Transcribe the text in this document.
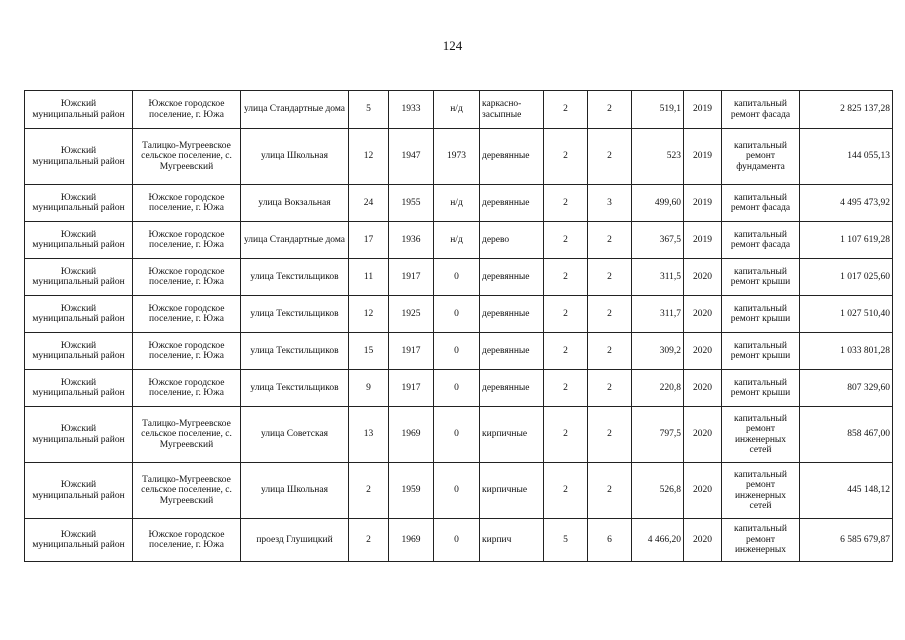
124
Южский муниципальный район	Южское городское поселение, г. Южа	улица Стандартные дома	5	1933	н/д	каркасно-засыпные	2	2	519,1	2019	капитальный ремонт фасада	2 825 137,28
Южский муниципальный район	Талицко-Мугреевское сельское поселение, с. Мугреевский	улица Школьная	12	1947	1973	деревянные	2	2	523	2019	капитальный ремонт фундамента	144 055,13
Южский муниципальный район	Южское городское поселение, г. Южа	улица Вокзальная	24	1955	н/д	деревянные	2	3	499,60	2019	капитальный ремонт фасада	4 495 473,92
Южский муниципальный район	Южское городское поселение, г. Южа	улица Стандартные дома	17	1936	н/д	дерево	2	2	367,5	2019	капитальный ремонт фасада	1 107 619,28
Южский муниципальный район	Южское городское поселение, г. Южа	улица Текстильщиков	11	1917	0	деревянные	2	2	311,5	2020	капитальный ремонт крыши	1 017 025,60
Южский муниципальный район	Южское городское поселение, г. Южа	улица Текстильщиков	12	1925	0	деревянные	2	2	311,7	2020	капитальный ремонт крыши	1 027 510,40
Южский муниципальный район	Южское городское поселение, г. Южа	улица Текстильщиков	15	1917	0	деревянные	2	2	309,2	2020	капитальный ремонт крыши	1 033 801,28
Южский муниципальный район	Южское городское поселение, г. Южа	улица Текстильщиков	9	1917	0	деревянные	2	2	220,8	2020	капитальный ремонт крыши	807 329,60
Южский муниципальный район	Талицко-Мугреевское сельское поселение, с. Мугреевский	улица Советская	13	1969	0	кирпичные	2	2	797,5	2020	капитальный ремонт инженерных сетей	858 467,00
Южский муниципальный район	Талицко-Мугреевское сельское поселение, с. Мугреевский	улица Школьная	2	1959	0	кирпичные	2	2	526,8	2020	капитальный ремонт инженерных сетей	445 148,12
Южский муниципальный район	Южское городское поселение, г. Южа	проезд Глушицкий	2	1969	0	кирпич	5	6	4 466,20	2020	капитальный ремонт инженерных	6 585 679,87
